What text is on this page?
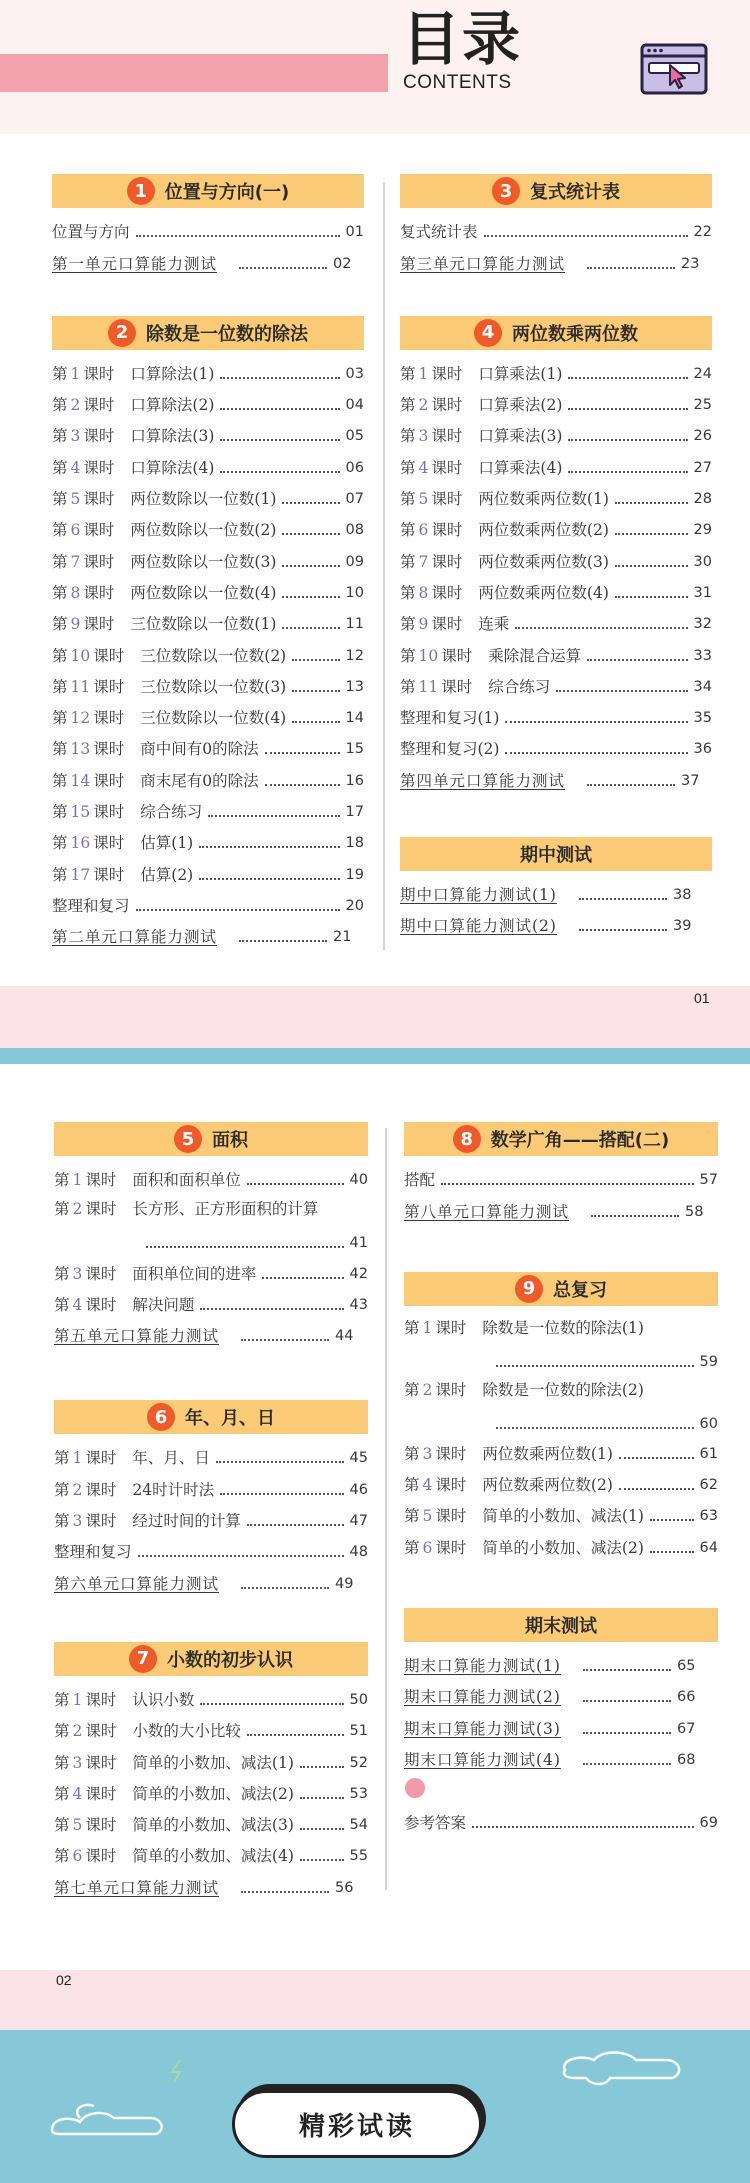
目录
CONTENTS
1 位置与方向(一)
位置与方向	01
第一单元口算能力测试	02
2 除数是一位数的除法
第 1 课时 口算除法(1)	03
第 2 课时 口算除法(2)	04
第 3 课时 口算除法(3)	05
第 4 课时 口算除法(4)	06
第 5 课时 两位数除以一位数(1)	07
第 6 课时 两位数除以一位数(2)	08
第 7 课时 两位数除以一位数(3)	09
第 8 课时 两位数除以一位数(4)	10
第 9 课时 三位数除以一位数(1)	11
第 10 课时 三位数除以一位数(2)	12
第 11 课时 三位数除以一位数(3)	13
第 12 课时 三位数除以一位数(4)	14
第 13 课时 商中间有0的除法	15
第 14 课时 商末尾有0的除法	16
第 15 课时 综合练习	17
第 16 课时 估算(1)	18
第 17 课时 估算(2)	19
整理和复习	20
第二单元口算能力测试	21
3 复式统计表
复式统计表	22
第三单元口算能力测试	23
4 两位数乘两位数
第 1 课时 口算乘法(1)	24
第 2 课时 口算乘法(2)	25
第 3 课时 口算乘法(3)	26
第 4 课时 口算乘法(4)	27
第 5 课时 两位数乘两位数(1)	28
第 6 课时 两位数乘两位数(2)	29
第 7 课时 两位数乘两位数(3)	30
第 8 课时 两位数乘两位数(4)	31
第 9 课时 连乘	32
第 10 课时 乘除混合运算	33
第 11 课时 综合练习	34
整理和复习(1)	35
整理和复习(2)	36
第四单元口算能力测试	37
期中测试
期中口算能力测试(1)	38
期中口算能力测试(2)	39
01
5 面积
第 1 课时 面积和面积单位	40
第 2 课时 长方形、正方形面积的计算
41
第 3 课时 面积单位间的进率	42
第 4 课时 解决问题	43
第五单元口算能力测试	44
6 年、月、日
第 1 课时 年、月、日	45
第 2 课时 24时计时法	46
第 3 课时 经过时间的计算	47
整理和复习	48
第六单元口算能力测试	49
7 小数的初步认识
第 1 课时 认识小数	50
第 2 课时 小数的大小比较	51
第 3 课时 简单的小数加、减法(1)	52
第 4 课时 简单的小数加、减法(2)	53
第 5 课时 简单的小数加、减法(3)	54
第 6 课时 简单的小数加、减法(4)	55
第七单元口算能力测试	56
8 数学广角——搭配(二)
搭配	57
第八单元口算能力测试	58
9 总复习
第 1 课时 除数是一位数的除法(1)
59
第 2 课时 除数是一位数的除法(2)
60
第 3 课时 两位数乘两位数(1)	61
第 4 课时 两位数乘两位数(2)	62
第 5 课时 简单的小数加、减法(1)	63
第 6 课时 简单的小数加、减法(2)	64
期末测试
期末口算能力测试(1)	65
期末口算能力测试(2)	66
期末口算能力测试(3)	67
期末口算能力测试(4)	68
参考答案	69
02
精彩试读
